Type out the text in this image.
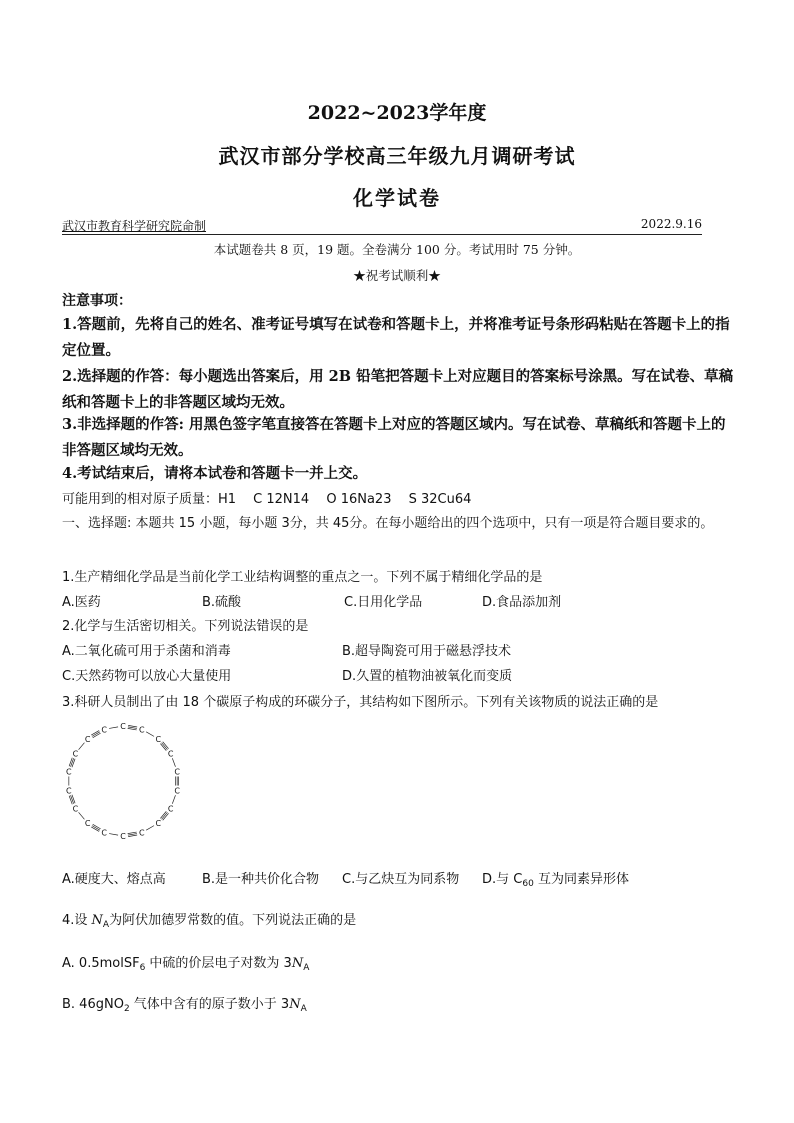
2022~2023学年度
武汉市部分学校高三年级九月调研考试
化学试卷
武汉市教育科学研究院命制	2022.9.16
本试题卷共 8 页，19 题。全卷满分 100 分。考试用时 75 分钟。
★祝考试顺利★
注意事项：
1.答题前，先将自己的姓名、准考证号填写在试卷和答题卡上，并将准考证号条形码粘贴在答题卡上的指定位置。
2.选择题的作答：每小题选出答案后，用 2B 铅笔把答题卡上对应题目的答案标号涂黑。写在试卷、草稿纸和答题卡上的非答题区域均无效。
3.非选择题的作答: 用黑色签字笔直接答在答题卡上对应的答题区域内。写在试卷、草稿纸和答题卡上的非答题区域均无效。
4.考试结束后，请将本试卷和答题卡一并上交。
可能用到的相对原子质量：H1　 C 12N14　 O 16Na23　 S 32Cu64
一、选择题: 本题共 15 小题，每小题 3分，共 45分。在每小题给出的四个选项中，只有一项是符合题目要求的。
1.生产精细化学品是当前化学工业结构调整的重点之一。下列不属于精细化学品的是
A.医药	B.硫酸	C.日用化学品	D.食品添加剂
2.化学与生活密切相关。下列说法错误的是
A.二氧化硫可用于杀菌和消毒	B.超导陶瓷可用于磁悬浮技术
C.天然药物可以放心大量使用	D.久置的植物油被氧化而变质
3.科研人员制出了由 18 个碳原子构成的环碳分子，其结构如下图所示。下列有关该物质的说法正确的是
C C
C
C
C
C
C
C
C
C
C
C
C
C
C
C
C
C
A.硬度大、熔点高	B.是一种共价化合物 C.与乙炔互为同系物 D.与 $C_{60}$ 互为同素异形体
4.设 $N_A$为阿伏加德罗常数的值。下列说法正确的是
A. 0.5molSF$_6$ 中硫的价层电子对数为 $3N_A$
B. 46gNO$_2$ 气体中含有的原子数小于 $3N_A$
